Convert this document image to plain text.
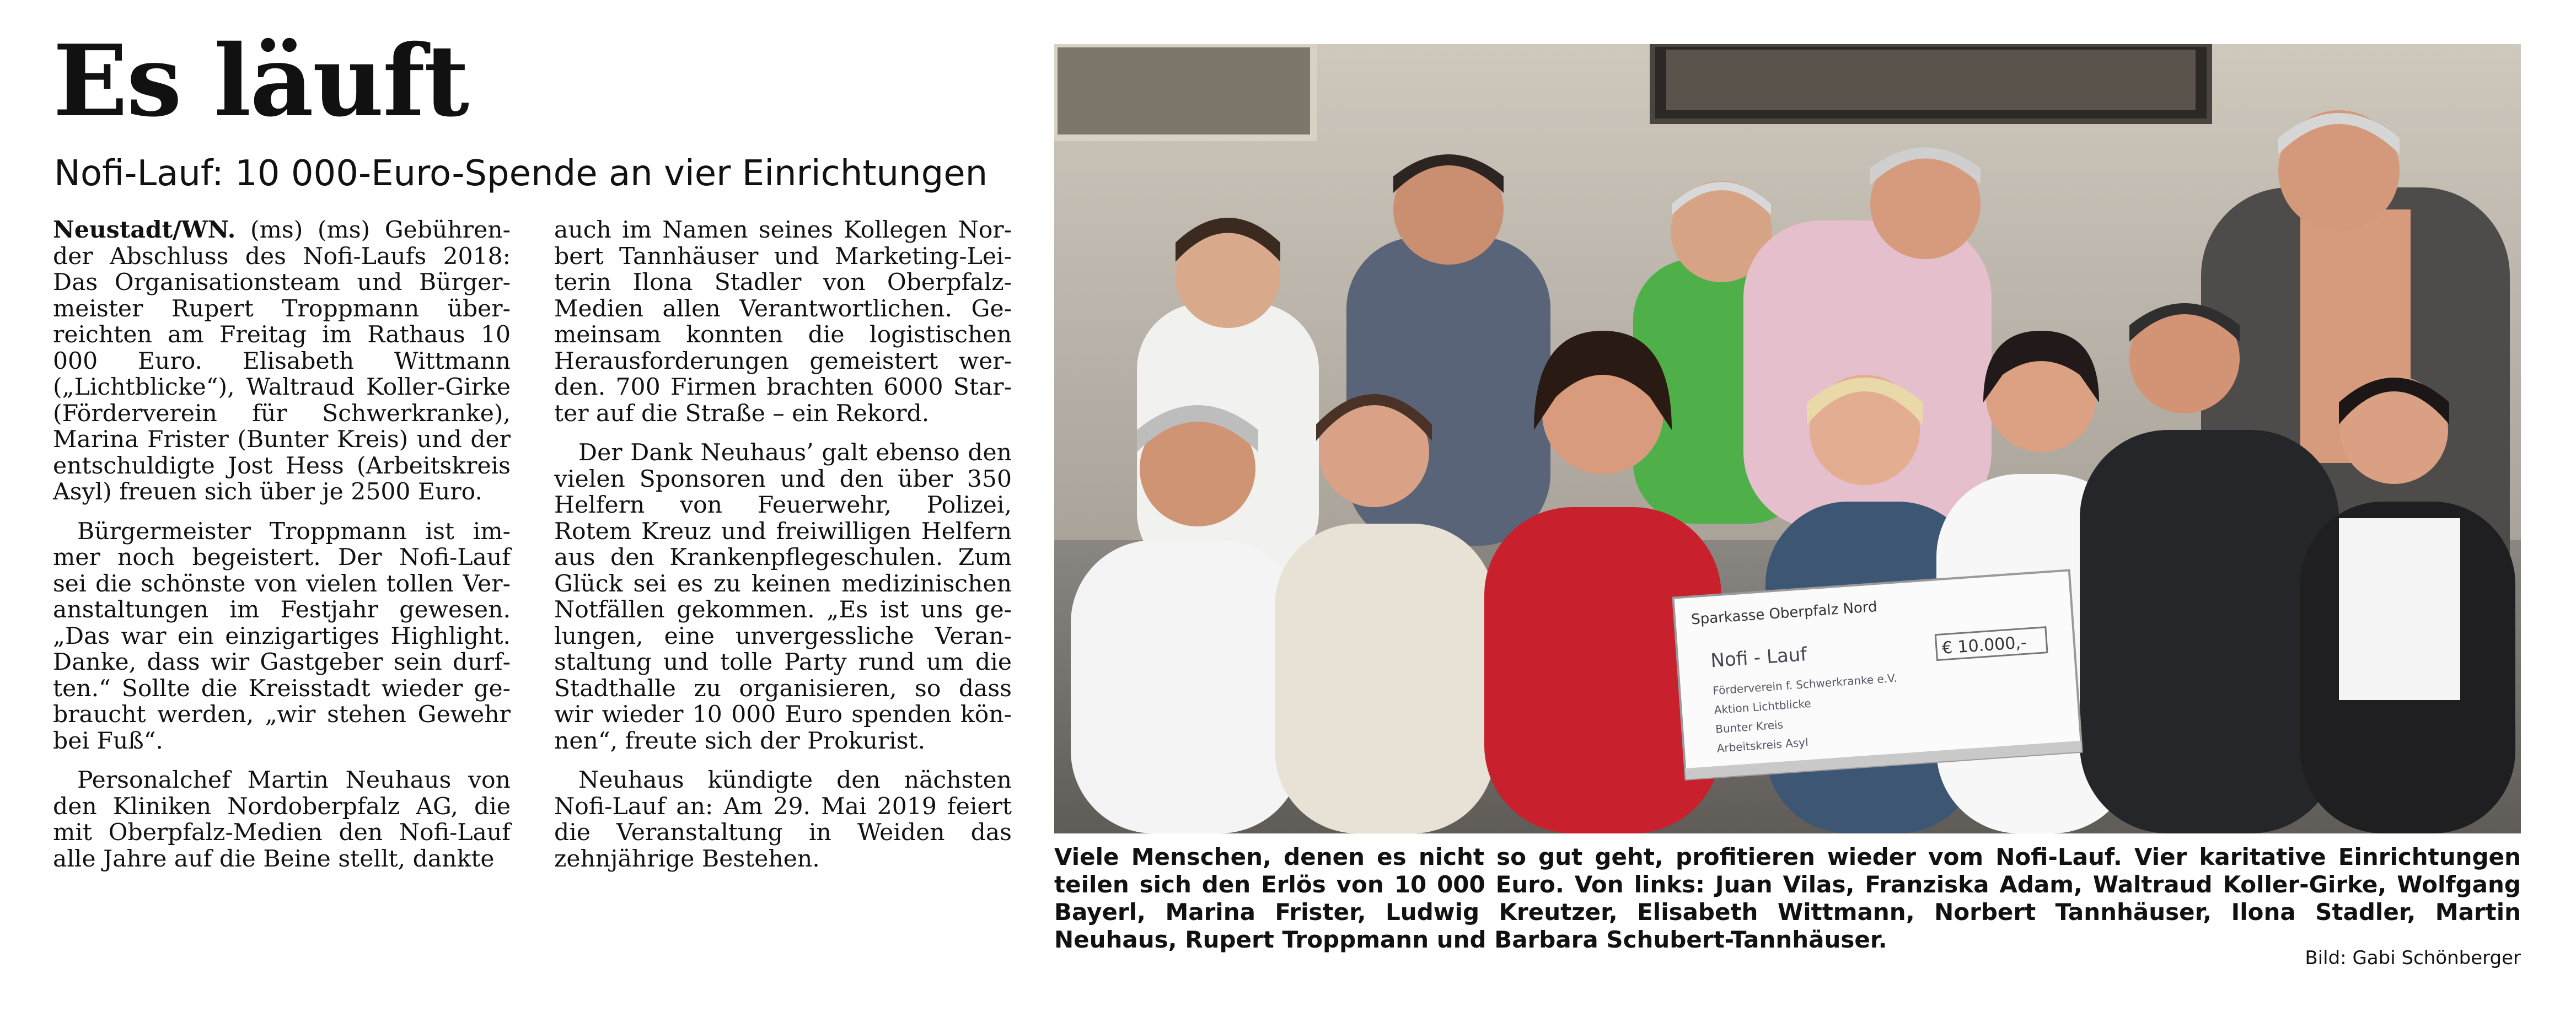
Es läuft
Nofi-Lauf: 10 000-Euro-Spende an vier Einrichtungen

Neustadt/WN. (ms) (ms) Gebührender Abschluss des Nofi-Laufs 2018: Das Organisationsteam und Bürgermeister Rupert Troppmann überreichten am Freitag im Rathaus 10 000 Euro. Elisabeth Wittmann („Lichtblicke“), Waltraud Koller-Girke (Förderverein für Schwerkranke), Marina Frister (Bunter Kreis) und der entschuldigte Jost Hess (Arbeitskreis Asyl) freuen sich über je 2500 Euro.

Bürgermeister Troppmann ist immer noch begeistert. Der Nofi-Lauf sei die schönste von vielen tollen Veranstaltungen im Festjahr gewesen. „Das war ein einzigartiges Highlight. Danke, dass wir Gastgeber sein durften.“ Sollte die Kreisstadt wieder gebraucht werden, „wir stehen Gewehr bei Fuß“.

Personalchef Martin Neuhaus von den Kliniken Nordoberpfalz AG, die mit Oberpfalz-Medien den Nofi-Lauf alle Jahre auf die Beine stellt, dankte

auch im Namen seines Kollegen Norbert Tannhäuser und Marketing-Leiterin Ilona Stadler von Oberpfalz-Medien allen Verantwortlichen. Gemeinsam konnten die logistischen Herausforderungen gemeistert werden. 700 Firmen brachten 6000 Starter auf die Straße – ein Rekord.

Der Dank Neuhaus’ galt ebenso den vielen Sponsoren und den über 350 Helfern von Feuerwehr, Polizei, Rotem Kreuz und freiwilligen Helfern aus den Krankenpflegeschulen. Zum Glück sei es zu keinen medizinischen Notfällen gekommen. „Es ist uns gelungen, eine unvergessliche Veranstaltung und tolle Party rund um die Stadthalle zu organisieren, so dass wir wieder 10 000 Euro spenden können“, freute sich der Prokurist.

Neuhaus kündigte den nächsten Nofi-Lauf an: Am 29. Mai 2019 feiert die Veranstaltung in Weiden das zehnjährige Bestehen.

Sparkasse Oberpfalz Nord
Nofi - Lauf	€ 10.000,-
Förderverein f. Schwerkranke e.V.
Aktion Lichtblicke
Bunter Kreis
Arbeitskreis Asyl

Viele Menschen, denen es nicht so gut geht, profitieren wieder vom Nofi-Lauf. Vier karitative Einrichtungen teilen sich den Erlös von 10 000 Euro. Von links: Juan Vilas, Franziska Adam, Waltraud Koller-Girke, Wolfgang Bayerl, Marina Frister, Ludwig Kreutzer, Elisabeth Wittmann, Norbert Tannhäuser, Ilona Stadler, Martin Neuhaus, Rupert Troppmann und Barbara Schubert-Tannhäuser.

Bild: Gabi Schönberger
